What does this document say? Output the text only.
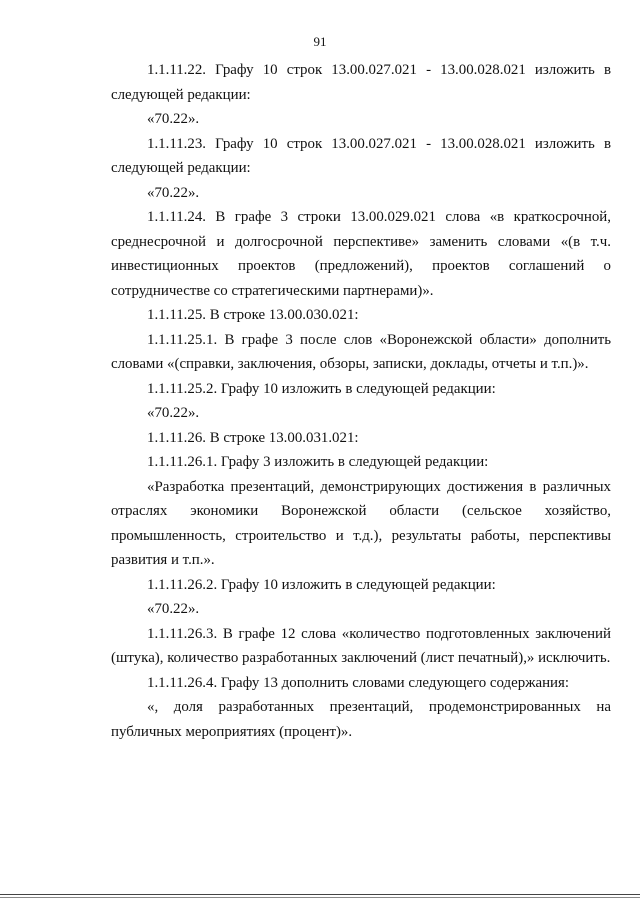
91

1.1.11.22. Графу 10 строк 13.00.027.021 - 13.00.028.021 изложить в следующей редакции:

«70.22».

1.1.11.23. Графу 10 строк 13.00.027.021 - 13.00.028.021 изложить в следующей редакции:

«70.22».

1.1.11.24. В графе 3 строки 13.00.029.021 слова «в краткосрочной, среднесрочной и долгосрочной перспективе» заменить словами «(в т.ч. инвестиционных проектов (предложений), проектов соглашений о сотрудничестве со стратегическими партнерами)».

1.1.11.25. В строке 13.00.030.021:

1.1.11.25.1. В графе 3 после слов «Воронежской области» дополнить словами «(справки, заключения, обзоры, записки, доклады, отчеты и т.п.)».

1.1.11.25.2. Графу 10 изложить в следующей редакции:

«70.22».

1.1.11.26. В строке 13.00.031.021:

1.1.11.26.1. Графу 3 изложить в следующей редакции:

«Разработка презентаций, демонстрирующих достижения в различных отраслях экономики Воронежской области (сельское хозяйство, промышленность, строительство и т.д.), результаты работы, перспективы развития и т.п.».

1.1.11.26.2. Графу 10 изложить в следующей редакции:

«70.22».

1.1.11.26.3. В графе 12 слова «количество подготовленных заключений (штука), количество разработанных заключений (лист печатный),» исключить.

1.1.11.26.4. Графу 13 дополнить словами следующего содержания:

«, доля разработанных презентаций, продемонстрированных на публичных мероприятиях (процент)».
